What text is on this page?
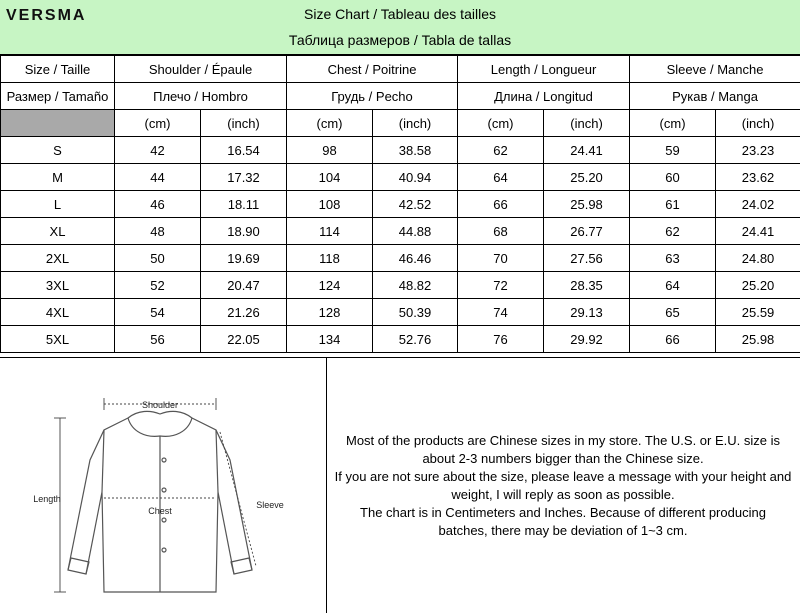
VERSMA	Size Chart / Tableau des tailles
Таблица размеров / Tabla de tallas
Size / Taille	Shoulder / Épaule		Chest / Poitrine		Length / Longueur		Sleeve / Manche	
Размер / Tamaño	Плечо / Hombro		Грудь / Pecho		Длина / Longitud		Рукав / Manga	
	(cm)	(inch)	(cm)	(inch)	(cm)	(inch)	(cm)	(inch)
S	42	16.54	98	38.58	62	24.41	59	23.23
M	44	17.32	104	40.94	64	25.20	60	23.62
L	46	18.11	108	42.52	66	25.98	61	24.02
XL	48	18.90	114	44.88	68	26.77	62	24.41
2XL	50	19.69	118	46.46	70	27.56	63	24.80
3XL	52	20.47	124	48.82	72	28.35	64	25.20
4XL	54	21.26	128	50.39	74	29.13	65	25.59
5XL	56	22.05	134	52.76	76	29.92	66	25.98
Shoulder
Chest
Length
Sleeve

Most of the products are Chinese sizes in my store. The U.S. or E.U. size is

about 2-3 numbers bigger than the Chinese size.

If you are not sure about the size, please leave a message with your height and

weight, I will reply as soon as possible.

The chart is in Centimeters and Inches. Because of different producing

batches, there may be deviation of 1~3 cm.
